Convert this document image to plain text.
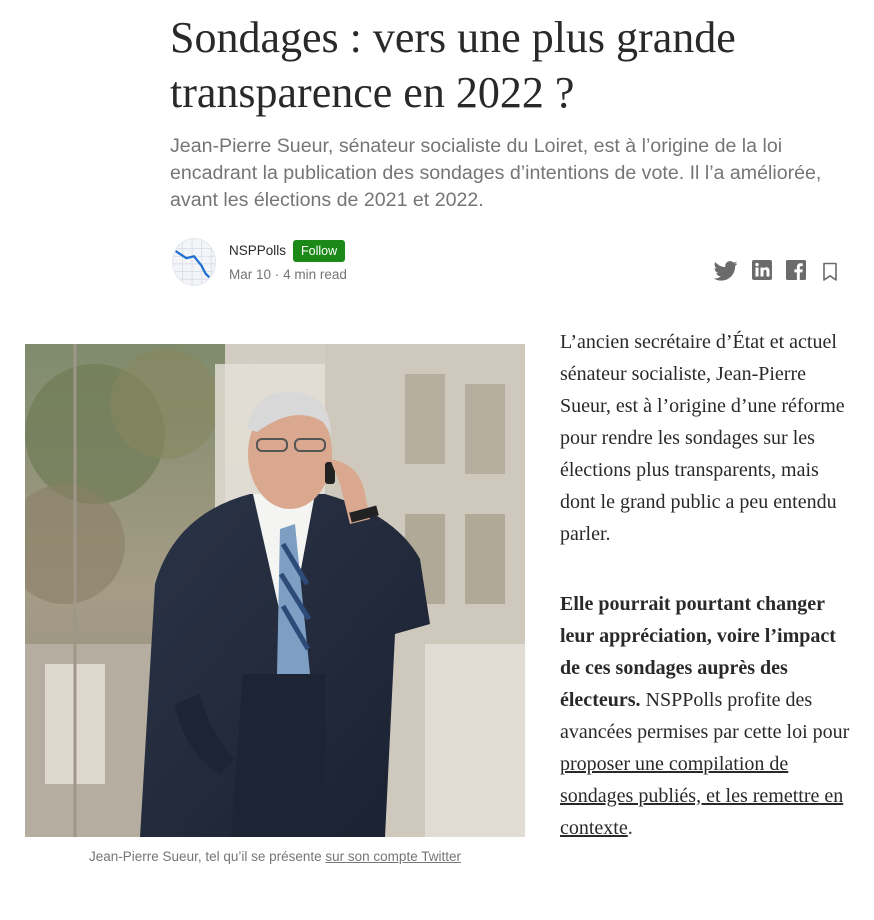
Sondages : vers une plus grande transparence en 2022 ?
Jean-Pierre Sueur, sénateur socialiste du Loiret, est à l’origine de la loi encadrant la publication des sondages d’intentions de vote. Il l’a améliorée, avant les élections de 2021 et 2022.
NSPPolls	Follow
Mar 10 · 4 min read
Jean-Pierre Sueur, tel qu’il se présente sur son compte Twitter

L’ancien secrétaire d’État et actuel sénateur socialiste, Jean-Pierre Sueur, est à l’origine d’une réforme pour rendre les sondages sur les élections plus transparents, mais dont le grand public a peu entendu parler.

Elle pourrait pourtant changer leur appréciation, voire l’impact de ces sondages auprès des électeurs. NSPPolls profite des avancées permises par cette loi pour proposer une compilation de sondages publiés, et les remettre en contexte.
